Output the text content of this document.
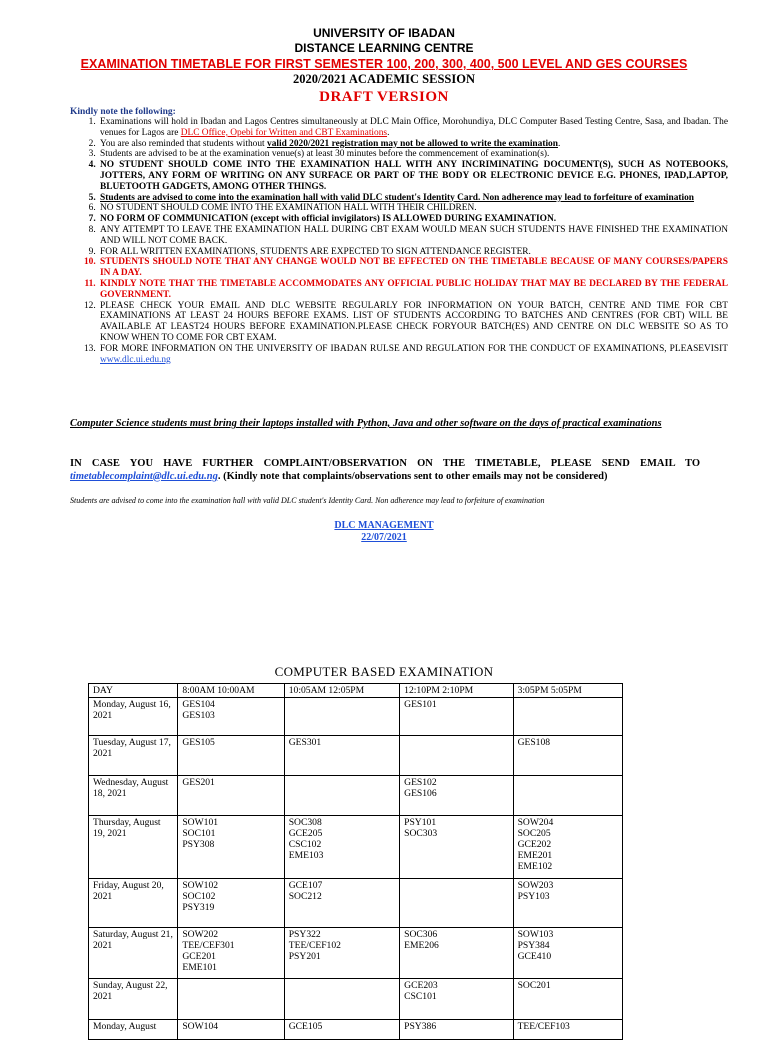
UNIVERSITY OF IBADAN
DISTANCE LEARNING CENTRE
EXAMINATION TIMETABLE FOR FIRST SEMESTER 100, 200, 300, 400, 500 LEVEL AND GES COURSES
2020/2021 ACADEMIC SESSION
DRAFT VERSION
Kindly note the following:
1. Examinations will hold in Ibadan and Lagos Centres simultaneously at DLC Main Office, Morohundiya, DLC Computer Based Testing Centre, Sasa, and Ibadan. The venues for Lagos are DLC Office, Opebi for Written and CBT Examinations.
2. You are also reminded that students without valid 2020/2021 registration may not be allowed to write the examination.
3. Students are advised to be at the examination venue(s) at least 30 minutes before the commencement of examination(s).
4. NO STUDENT SHOULD COME INTO THE EXAMINATION HALL WITH ANY INCRIMINATING DOCUMENT(S), SUCH AS NOTEBOOKS, JOTTERS, ANY FORM OF WRITING ON ANY SURFACE OR PART OF THE BODY OR ELECTRONIC DEVICE E.G. PHONES, IPAD,LAPTOP, BLUETOOTH GADGETS, AMONG OTHER THINGS.
5. Students are advised to come into the examination hall with valid DLC student's Identity Card. Non adherence may lead to forfeiture of examination
6. NO STUDENT SHOULD COME INTO THE EXAMINATION HALL WITH THEIR CHILDREN.
7. NO FORM OF COMMUNICATION (except with official invigilators) IS ALLOWED DURING EXAMINATION.
8. ANY ATTEMPT TO LEAVE THE EXAMINATION HALL DURING CBT EXAM WOULD MEAN SUCH STUDENTS HAVE FINISHED THE EXAMINATION AND WILL NOT COME BACK.
9. FOR ALL WRITTEN EXAMINATIONS, STUDENTS ARE EXPECTED TO SIGN ATTENDANCE REGISTER.
10. STUDENTS SHOULD NOTE THAT ANY CHANGE WOULD NOT BE EFFECTED ON THE TIMETABLE BECAUSE OF MANY COURSES/PAPERS IN A DAY.
11. KINDLY NOTE THAT THE TIMETABLE ACCOMMODATES ANY OFFICIAL PUBLIC HOLIDAY THAT MAY BE DECLARED BY THE FEDERAL GOVERNMENT.
12. PLEASE CHECK YOUR EMAIL AND DLC WEBSITE REGULARLY FOR INFORMATION ON YOUR BATCH, CENTRE AND TIME FOR CBT EXAMINATIONS AT LEAST 24 HOURS BEFORE EXAMS. LIST OF STUDENTS ACCORDING TO BATCHES AND CENTRES (FOR CBT) WILL BE AVAILABLE AT LEAST24 HOURS BEFORE EXAMINATION.PLEASE CHECK FORYOUR BATCH(ES) AND CENTRE ON DLC WEBSITE SO AS TO KNOW WHEN TO COME FOR CBT EXAM.
13. FOR MORE INFORMATION ON THE UNIVERSITY OF IBADAN RULSE AND REGULATION FOR THE CONDUCT OF EXAMINATIONS, PLEASEVISIT www.dlc.ui.edu.ng
Computer Science students must bring their laptops installed with Python, Java and other software on the days of practical examinations
IN CASE YOU HAVE FURTHER COMPLAINT/OBSERVATION ON THE TIMETABLE, PLEASE SEND EMAIL TO timetablecomplaint@dlc.ui.edu.ng. (Kindly note that complaints/observations sent to other emails may not be considered)
Students are advised to come into the examination hall with valid DLC student's Identity Card. Non adherence may lead to forfeiture of examination
DLC MANAGEMENT
22/07/2021
COMPUTER BASED EXAMINATION
DAY	8:00AM 10:00AM	10:05AM 12:05PM	12:10PM 2:10PM	3:05PM 5:05PM
Monday, August 16, 2021	GES104
GES103		GES101	

Tuesday, August 17, 2021	GES105	GES301		GES108

Wednesday, August 18, 2021	GES201		GES102
GES106	

Thursday, August 19, 2021	SOW101
SOC101
PSY308	SOC308
GCE205
CSC102
EME103	PSY101
SOC303	SOW204
SOC205
GCE202
EME201
EME102

Friday, August 20, 2021	SOW102
SOC102
PSY319	GCE107
SOC212		SOW203
PSY103

Saturday, August 21, 2021	SOW202
TEE/CEF301
GCE201
EME101	PSY322
TEE/CEF102
PSY201	SOC306
EME206	SOW103
PSY384
GCE410

Sunday, August 22, 2021			GCE203
CSC101	SOC201

Monday, August	SOW104	GCE105	PSY386	TEE/CEF103
